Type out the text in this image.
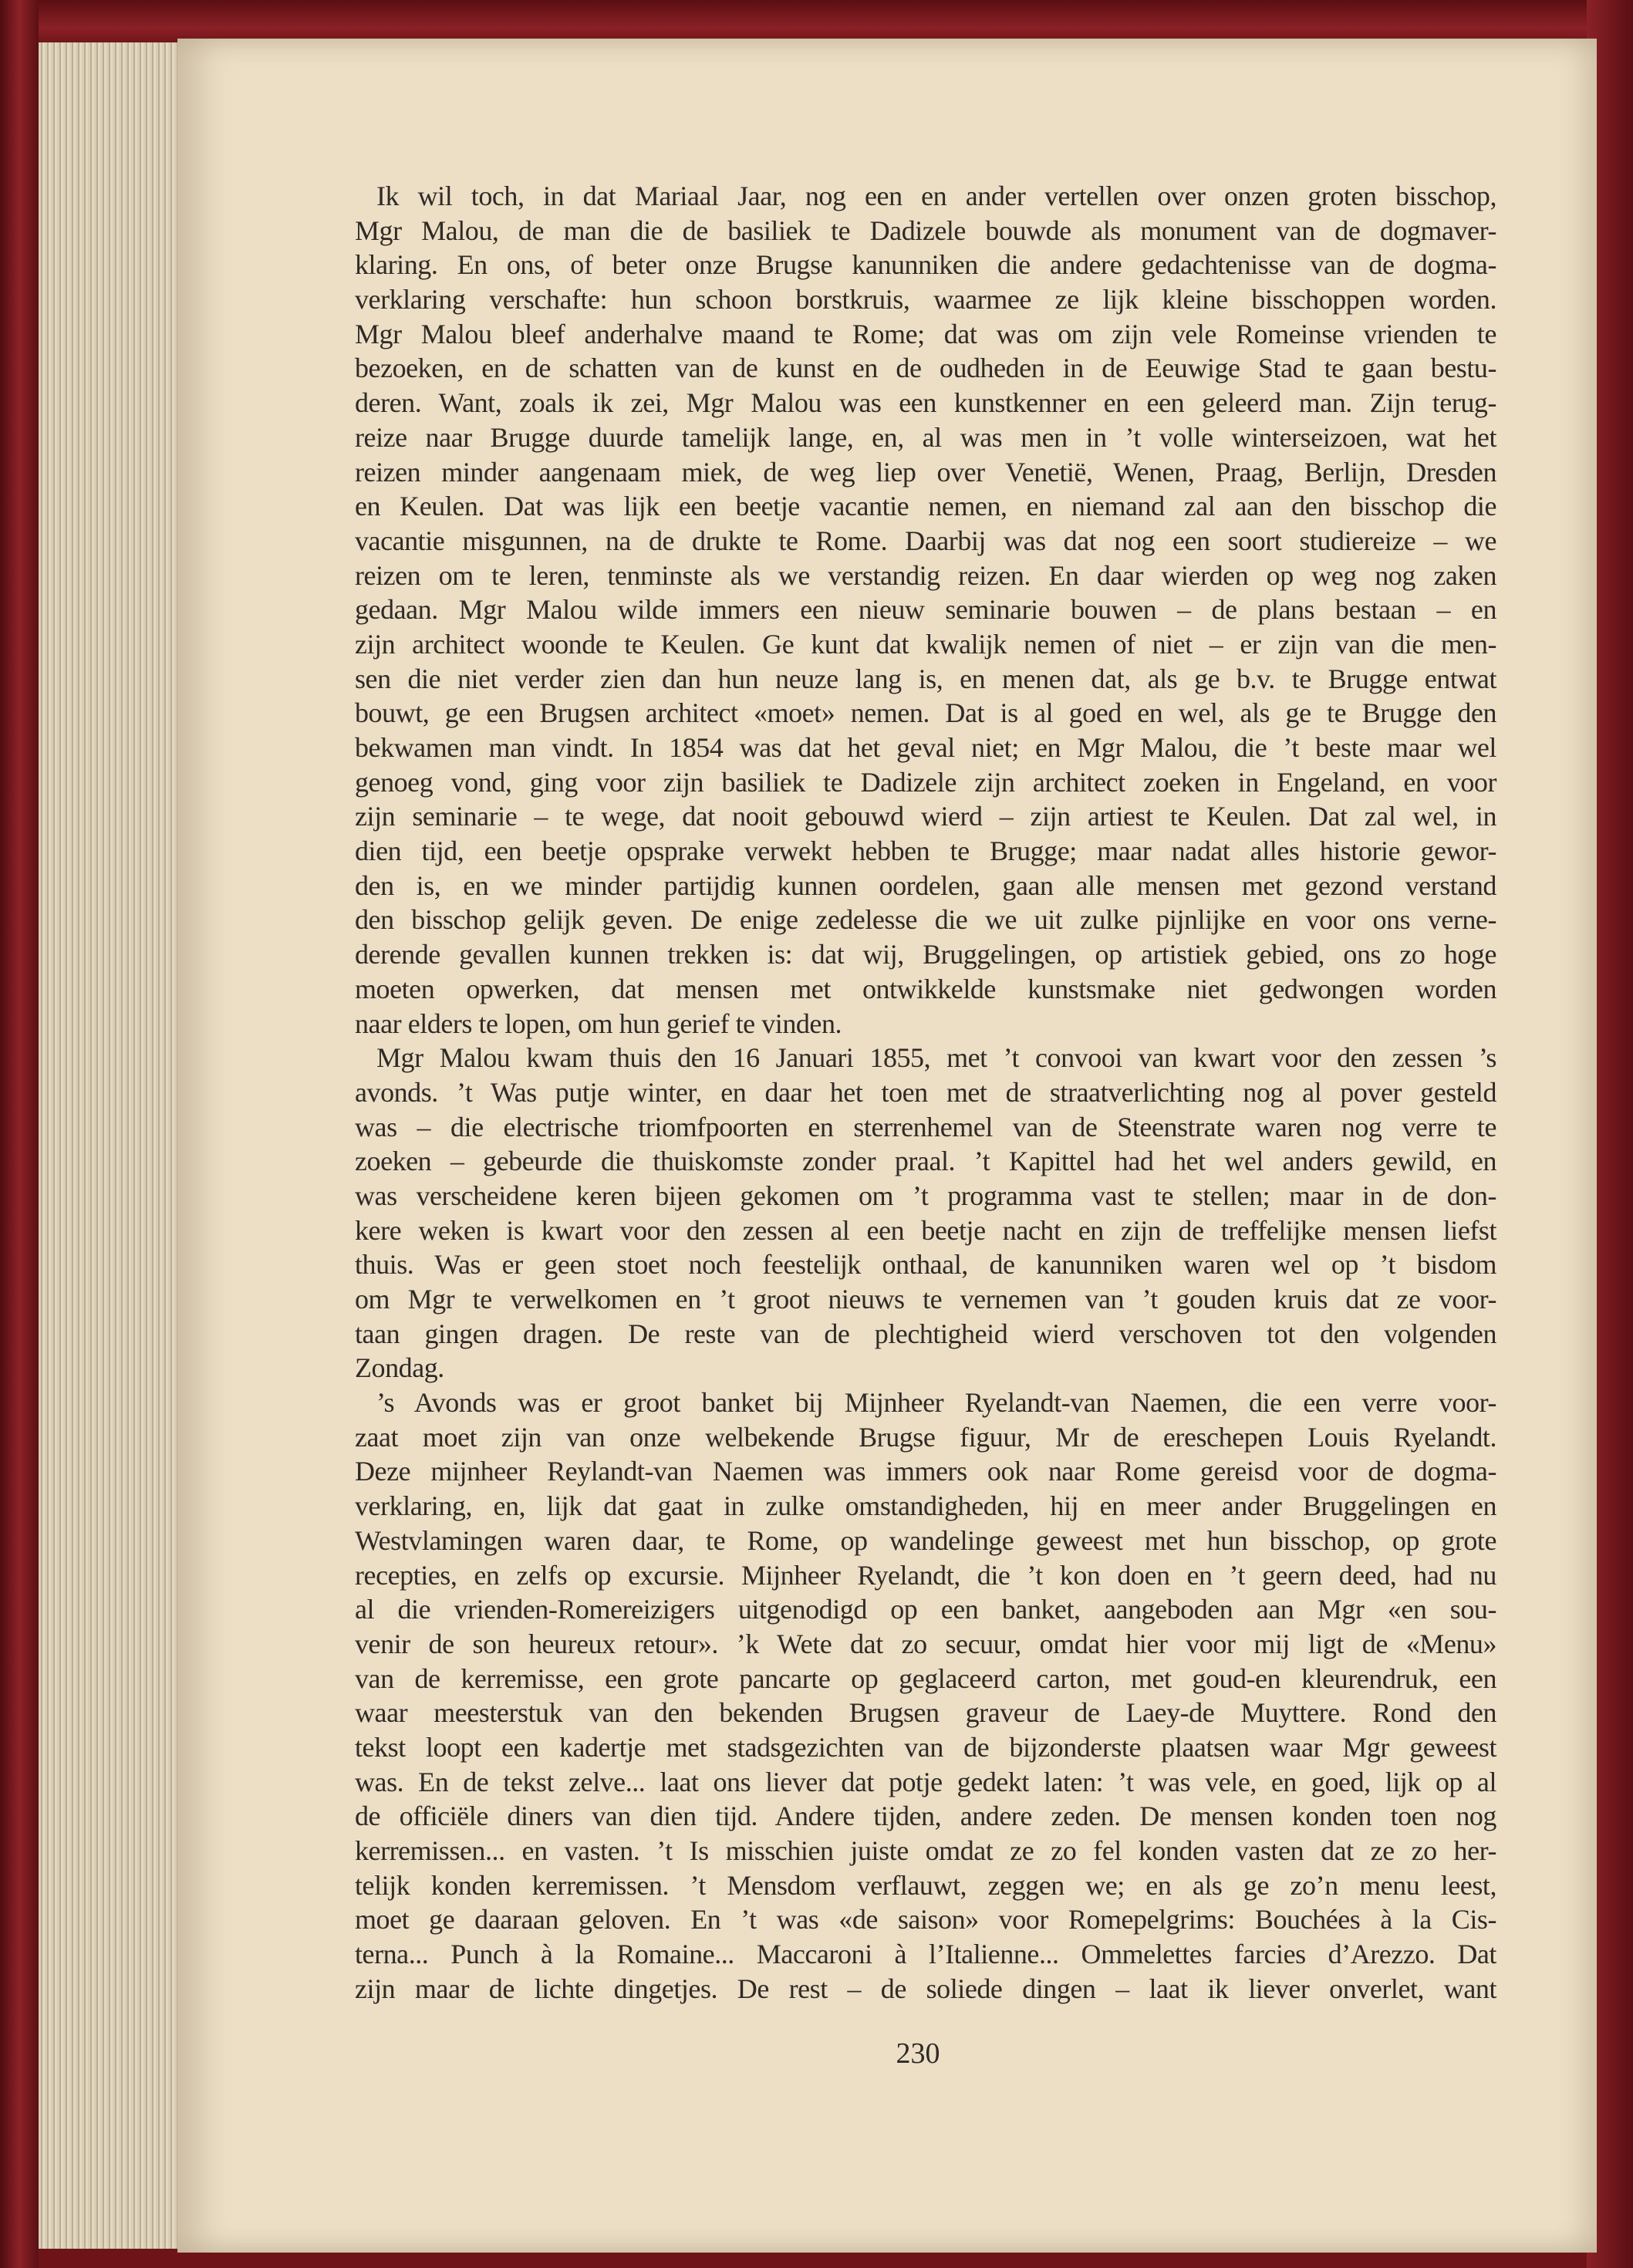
Ik wil toch, in dat Mariaal Jaar, nog een en ander vertellen over onzen groten bisschop,
Mgr Malou, de man die de basiliek te Dadizele bouwde als monument van de dogmaver-
klaring. En ons, of beter onze Brugse kanunniken die andere gedachtenisse van de dogma-
verklaring verschafte: hun schoon borstkruis, waarmee ze lijk kleine bisschoppen worden.
Mgr Malou bleef anderhalve maand te Rome; dat was om zijn vele Romeinse vrienden te
bezoeken, en de schatten van de kunst en de oudheden in de Eeuwige Stad te gaan bestu-
deren. Want, zoals ik zei, Mgr Malou was een kunstkenner en een geleerd man. Zijn terug-
reize naar Brugge duurde tamelijk lange, en, al was men in ’t volle winterseizoen, wat het
reizen minder aangenaam miek, de weg liep over Venetië, Wenen, Praag, Berlijn, Dresden
en Keulen. Dat was lijk een beetje vacantie nemen, en niemand zal aan den bisschop die
vacantie misgunnen, na de drukte te Rome. Daarbij was dat nog een soort studiereize – we
reizen om te leren, tenminste als we verstandig reizen. En daar wierden op weg nog zaken
gedaan. Mgr Malou wilde immers een nieuw seminarie bouwen – de plans bestaan – en
zijn architect woonde te Keulen. Ge kunt dat kwalijk nemen of niet – er zijn van die men-
sen die niet verder zien dan hun neuze lang is, en menen dat, als ge b.v. te Brugge entwat
bouwt, ge een Brugsen architect «moet» nemen. Dat is al goed en wel, als ge te Brugge den
bekwamen man vindt. In 1854 was dat het geval niet; en Mgr Malou, die ’t beste maar wel
genoeg vond, ging voor zijn basiliek te Dadizele zijn architect zoeken in Engeland, en voor
zijn seminarie – te wege, dat nooit gebouwd wierd – zijn artiest te Keulen. Dat zal wel, in
dien tijd, een beetje opsprake verwekt hebben te Brugge; maar nadat alles historie gewor-
den is, en we minder partijdig kunnen oordelen, gaan alle mensen met gezond verstand
den bisschop gelijk geven. De enige zedelesse die we uit zulke pijnlijke en voor ons verne-
derende gevallen kunnen trekken is: dat wij, Bruggelingen, op artistiek gebied, ons zo hoge
moeten opwerken, dat mensen met ontwikkelde kunstsmake niet gedwongen worden
naar elders te lopen, om hun gerief te vinden.
Mgr Malou kwam thuis den 16 Januari 1855, met ’t convooi van kwart voor den zessen ’s
avonds. ’t Was putje winter, en daar het toen met de straatverlichting nog al pover gesteld
was – die electrische triomfpoorten en sterrenhemel van de Steenstrate waren nog verre te
zoeken – gebeurde die thuiskomste zonder praal. ’t Kapittel had het wel anders gewild, en
was verscheidene keren bijeen gekomen om ’t programma vast te stellen; maar in de don-
kere weken is kwart voor den zessen al een beetje nacht en zijn de treffelijke mensen liefst
thuis. Was er geen stoet noch feestelijk onthaal, de kanunniken waren wel op ’t bisdom
om Mgr te verwelkomen en ’t groot nieuws te vernemen van ’t gouden kruis dat ze voor-
taan gingen dragen. De reste van de plechtigheid wierd verschoven tot den volgenden
Zondag.
’s Avonds was er groot banket bij Mijnheer Ryelandt-van Naemen, die een verre voor-
zaat moet zijn van onze welbekende Brugse figuur, Mr de ereschepen Louis Ryelandt.
Deze mijnheer Reylandt-van Naemen was immers ook naar Rome gereisd voor de dogma-
verklaring, en, lijk dat gaat in zulke omstandigheden, hij en meer ander Bruggelingen en
Westvlamingen waren daar, te Rome, op wandelinge geweest met hun bisschop, op grote
recepties, en zelfs op excursie. Mijnheer Ryelandt, die ’t kon doen en ’t geern deed, had nu
al die vrienden-Romereizigers uitgenodigd op een banket, aangeboden aan Mgr «en sou-
venir de son heureux retour». ’k Wete dat zo secuur, omdat hier voor mij ligt de «Menu»
van de kerremisse, een grote pancarte op geglaceerd carton, met goud-en kleurendruk, een
waar meesterstuk van den bekenden Brugsen graveur de Laey-de Muyttere. Rond den
tekst loopt een kadertje met stadsgezichten van de bijzonderste plaatsen waar Mgr geweest
was. En de tekst zelve... laat ons liever dat potje gedekt laten: ’t was vele, en goed, lijk op al
de officiële diners van dien tijd. Andere tijden, andere zeden. De mensen konden toen nog
kerremissen... en vasten. ’t Is misschien juiste omdat ze zo fel konden vasten dat ze zo her-
telijk konden kerremissen. ’t Mensdom verflauwt, zeggen we; en als ge zo’n menu leest,
moet ge daaraan geloven. En ’t was «de saison» voor Romepelgrims: Bouchées à la Cis-
terna... Punch à la Romaine... Maccaroni à l’Italienne... Ommelettes farcies d’Arezzo. Dat
zijn maar de lichte dingetjes. De rest – de soliede dingen – laat ik liever onverlet, want
230
